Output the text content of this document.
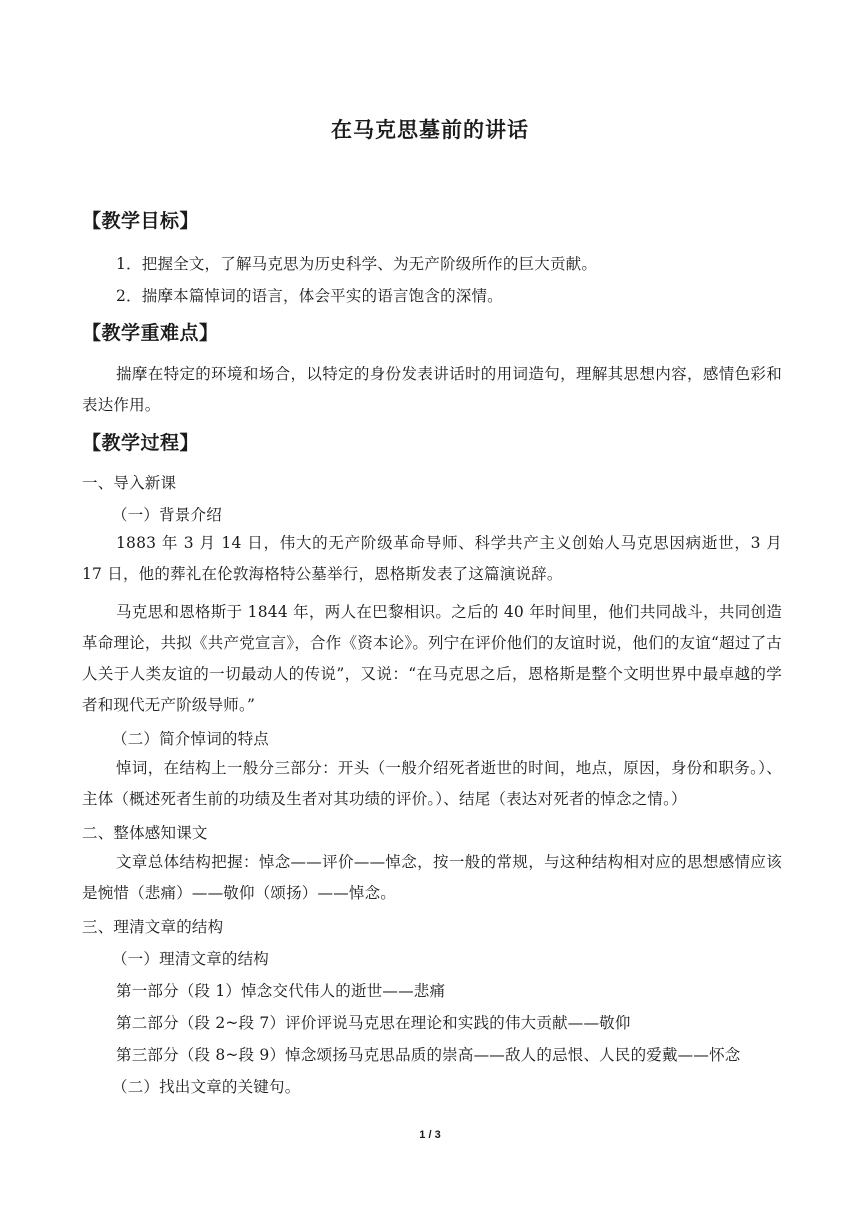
在马克思墓前的讲话
【教学目标】
1．把握全文，了解马克思为历史科学、为无产阶级所作的巨大贡献。
2．揣摩本篇悼词的语言，体会平实的语言饱含的深情。
【教学重难点】
揣摩在特定的环境和场合，以特定的身份发表讲话时的用词造句，理解其思想内容，感情色彩和表达作用。
【教学过程】
一、导入新课
（一）背景介绍
1883 年 3 月 14 日，伟大的无产阶级革命导师、科学共产主义创始人马克思因病逝世，3 月 17 日，他的葬礼在伦敦海格特公墓举行，恩格斯发表了这篇演说辞。
马克思和恩格斯于 1844 年，两人在巴黎相识。之后的 40 年时间里，他们共同战斗，共同创造革命理论，共拟《共产党宣言》，合作《资本论》。列宁在评价他们的友谊时说，他们的友谊“超过了古人关于人类友谊的一切最动人的传说”，又说：“在马克思之后，恩格斯是整个文明世界中最卓越的学者和现代无产阶级导师。”
（二）简介悼词的特点
悼词，在结构上一般分三部分：开头（一般介绍死者逝世的时间，地点，原因，身份和职务。）、主体（概述死者生前的功绩及生者对其功绩的评价。）、结尾（表达对死者的悼念之情。）
二、整体感知课文
文章总体结构把握：悼念——评价——悼念，按一般的常规，与这种结构相对应的思想感情应该是惋惜（悲痛）——敬仰（颂扬）——悼念。
三、理清文章的结构
（一）理清文章的结构
第一部分（段 1）悼念交代伟人的逝世——悲痛
第二部分（段 2~段 7）评价评说马克思在理论和实践的伟大贡献——敬仰
第三部分（段 8~段 9）悼念颂扬马克思品质的崇高——敌人的忌恨、人民的爱戴——怀念
（二）找出文章的关键句。
1 / 3
